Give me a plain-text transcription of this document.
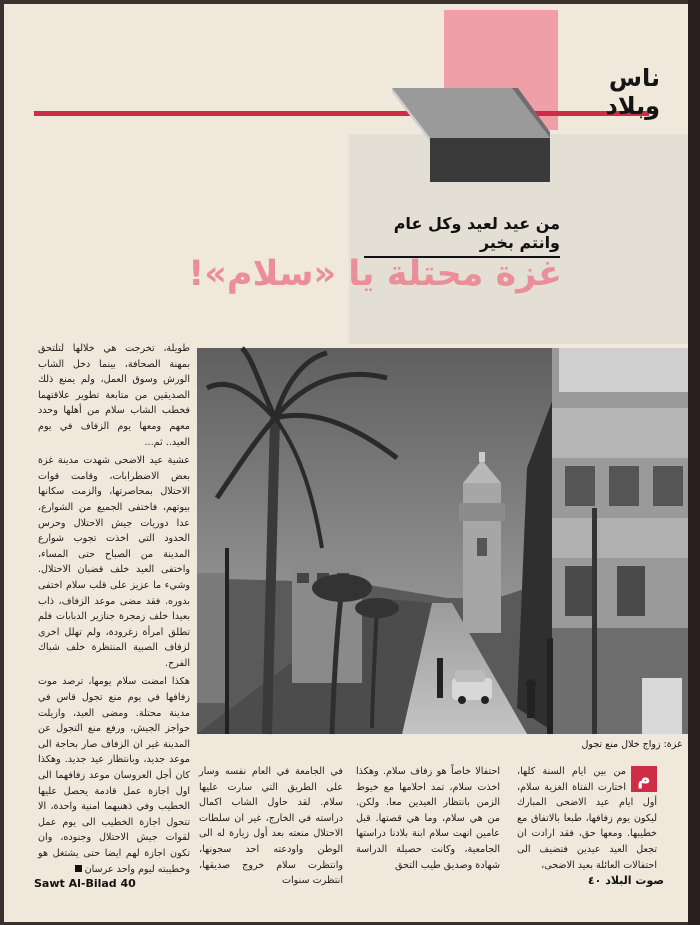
ناس وبلاد
من عيد لعيد وكل عام وانتم بخير
غزة محتلة يا «سلام»!

طويلة، تخرجت هي خلالها لتلتحق بمهنة الصحافة، بينما دخل الشاب الورش وسوق العمل، ولم يمنع ذلك الصديقين من متابعة تطوير علاقتهما فخطب الشاب سلام من أهلها وحدد معهم ومعها يوم الزفاف في يوم العيد.. ثم...

عشية عيد الاضحى شهدت مدينة غزة بعض الاضطرابات، وقامت قوات الاحتلال بمحاصرتها، والزمت سكانها بيوتهم، فاختفى الجميع من الشوارع، عدا دوريات جيش الاحتلال وحرس الحدود التي اخذت تجوب شوارع المدينة من الصباح حتى المساء، واختفى العيد خلف قضبان الاحتلال. وشيء ما عزيز على قلب سلام اختفى بدوره. فقد مضى موعد الزفاف، ذاب بعيدا خلف زمجرة جنازير الدبابات فلم تطلق امرأة زغرودة، ولم تهلل اخرى لزفاف الصبية المنتظرة خلف شباك الفرح.

هكذا امضت سلام يومها، ترصد موت زفافها في يوم منع تجول قاس في مدينة محتلة. ومضى العيد، وازيلت حواجز الجيش، ورفع منع التجول عن المدينة غير ان الزفاف صار بحاجة الى موعد جديد، وبانتظار عيد جديد. وهكذا كان أجل العروسان موعد زفافهما الى اول اجازة عمل قادمة يحصل عليها الخطيب وفي ذهنيهما امنية واحدة، الا تتحول اجازة الخطيب الى يوم عمل لقوات جيش الاحتلال وجنوده، وان تكون اجازة لهم ايضا حتى يشتغل هو وخطيبته ليوم واحد عرسان

غزة: زواج خلال منع تجول
م
من بين ايام السنة كلها، اختارت الفتاة الغزية سلام، أول ايام عيد الاضحى المبارك ليكون يوم زفافها، طبعا بالاتفاق مع خطيبها. ومعها حق، فقد ارادت ان تجعل العيد عيدين فتضيف الى احتفالات العائلة بعيد الاضحى،
احتفالا خاصاً هو زفاف سلام. وهكذا اخذت سلام، تمد احلامها مع خيوط الزمن بانتظار العيدين معا. ولكن. من هي سلام، وما هي قصتها. قبل عامين انهت سلام ابنة بلادنا دراستها الجامعية، وكانت حصيلة الدراسة شهادة وصديق طيب التحق
في الجامعة في العام نفسه وسار على الطريق التي سارت عليها سلام. لقد حاول الشاب اكمال دراسته في الخارج، غير ان سلطات الاحتلال منعته بعد أول زيارة له الى الوطن واودعته احد سجونها، وانتظرت سلام خروج صديقها، انتظرت سنوات
Sawt Al-Bilad 40	صوت البلاد ٤٠
